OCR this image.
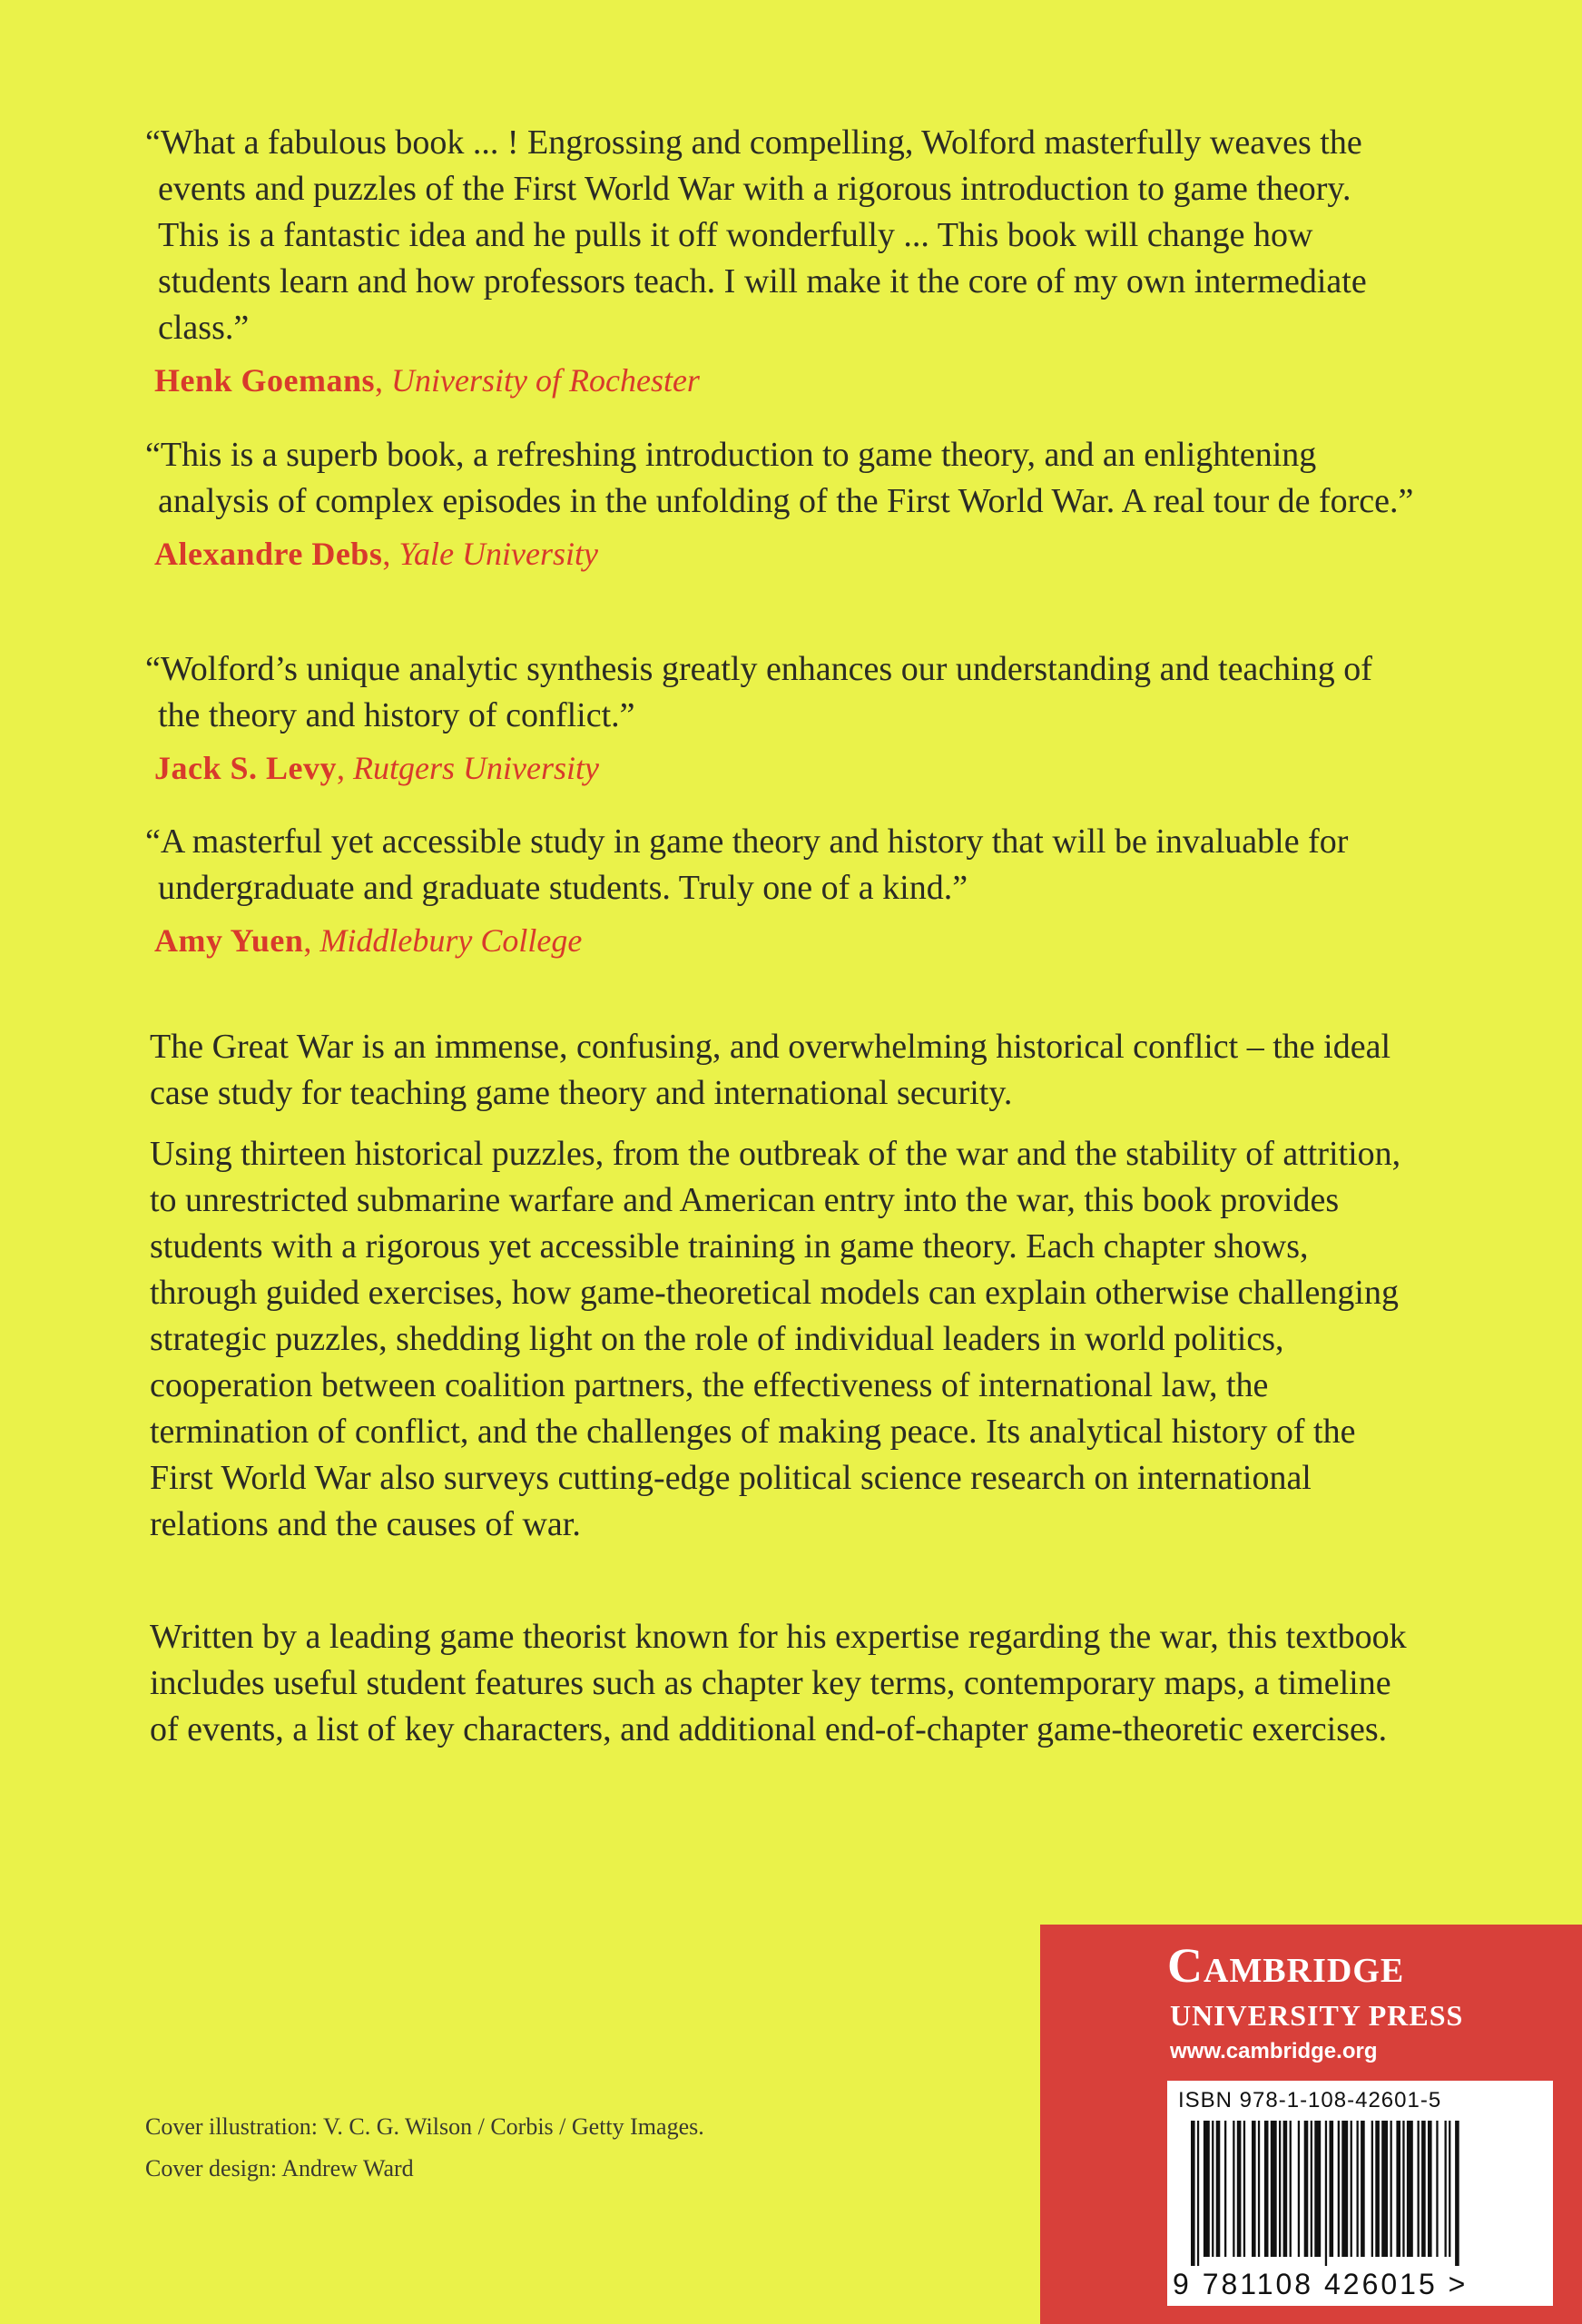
“What a fabulous book ... ! Engrossing and compelling, Wolford masterfully weaves the events and puzzles of the First World War with a rigorous introduction to game theory. This is a fantastic idea and he pulls it off wonderfully ... This book will change how students learn and how professors teach. I will make it the core of my own intermediate class.”

Henk Goemans, University of Rochester

“This is a superb book, a refreshing introduction to game theory, and an enlightening analysis of complex episodes in the unfolding of the First World War. A real tour de force.”

Alexandre Debs, Yale University

“Wolford’s unique analytic synthesis greatly enhances our understanding and teaching of the theory and history of conflict.”

Jack S. Levy, Rutgers University

“A masterful yet accessible study in game theory and history that will be invaluable for undergraduate and graduate students. Truly one of a kind.”

Amy Yuen, Middlebury College

The Great War is an immense, confusing, and overwhelming historical conflict – the ideal case study for teaching game theory and international security.

Using thirteen historical puzzles, from the outbreak of the war and the stability of attrition, to unrestricted submarine warfare and American entry into the war, this book provides students with a rigorous yet accessible training in game theory. Each chapter shows, through guided exercises, how game-theoretical models can explain otherwise challenging strategic puzzles, shedding light on the role of individual leaders in world politics, cooperation between coalition partners, the effectiveness of international law, the termination of conflict, and the challenges of making peace. Its analytical history of the First World War also surveys cutting-edge political science research on international relations and the causes of war.

Written by a leading game theorist known for his expertise regarding the war, this textbook includes useful student features such as chapter key terms, contemporary maps, a timeline of events, a list of key characters, and additional end-of-chapter game-theoretic exercises.

Cover illustration: V. C. G. Wilson / Corbis / Getty Images.
Cover design: Andrew Ward
Cambridge
UNIVERSITY PRESS
www.cambridge.org
ISBN 978-1-108-42601-5
9 781108 426015 >
